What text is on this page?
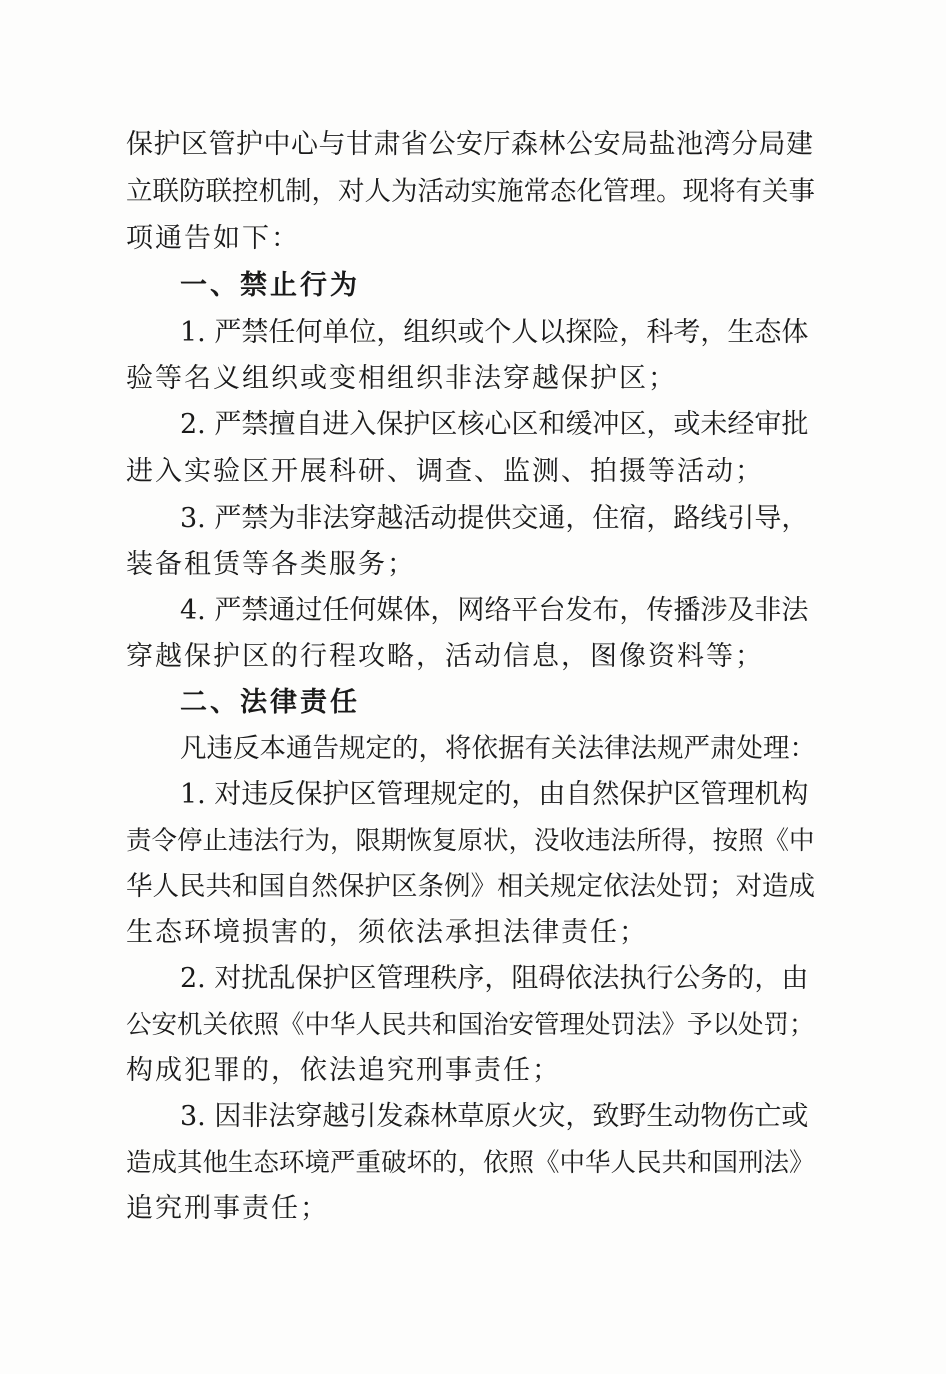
保护区管护中心与甘肃省公安厅森林公安局盐池湾分局建
立联防联控机制，对人为活动实施常态化管理。现将有关事
项通告如下：
一、禁止行为
1. 严禁任何单位，组织或个人以探险，科考，生态体
验等名义组织或变相组织非法穿越保护区；
2. 严禁擅自进入保护区核心区和缓冲区，或未经审批
进入实验区开展科研、调查、监测、拍摄等活动；
3. 严禁为非法穿越活动提供交通，住宿，路线引导，
装备租赁等各类服务；
4. 严禁通过任何媒体，网络平台发布，传播涉及非法
穿越保护区的行程攻略，活动信息，图像资料等；
二、法律责任
凡违反本通告规定的，将依据有关法律法规严肃处理：
1. 对违反保护区管理规定的，由自然保护区管理机构
责令停止违法行为，限期恢复原状，没收违法所得，按照《中
华人民共和国自然保护区条例》相关规定依法处罚；对造成
生态环境损害的，须依法承担法律责任；
2. 对扰乱保护区管理秩序，阻碍依法执行公务的，由
公安机关依照《中华人民共和国治安管理处罚法》予以处罚；
构成犯罪的，依法追究刑事责任；
3. 因非法穿越引发森林草原火灾，致野生动物伤亡或
造成其他生态环境严重破坏的，依照《中华人民共和国刑法》
追究刑事责任；
